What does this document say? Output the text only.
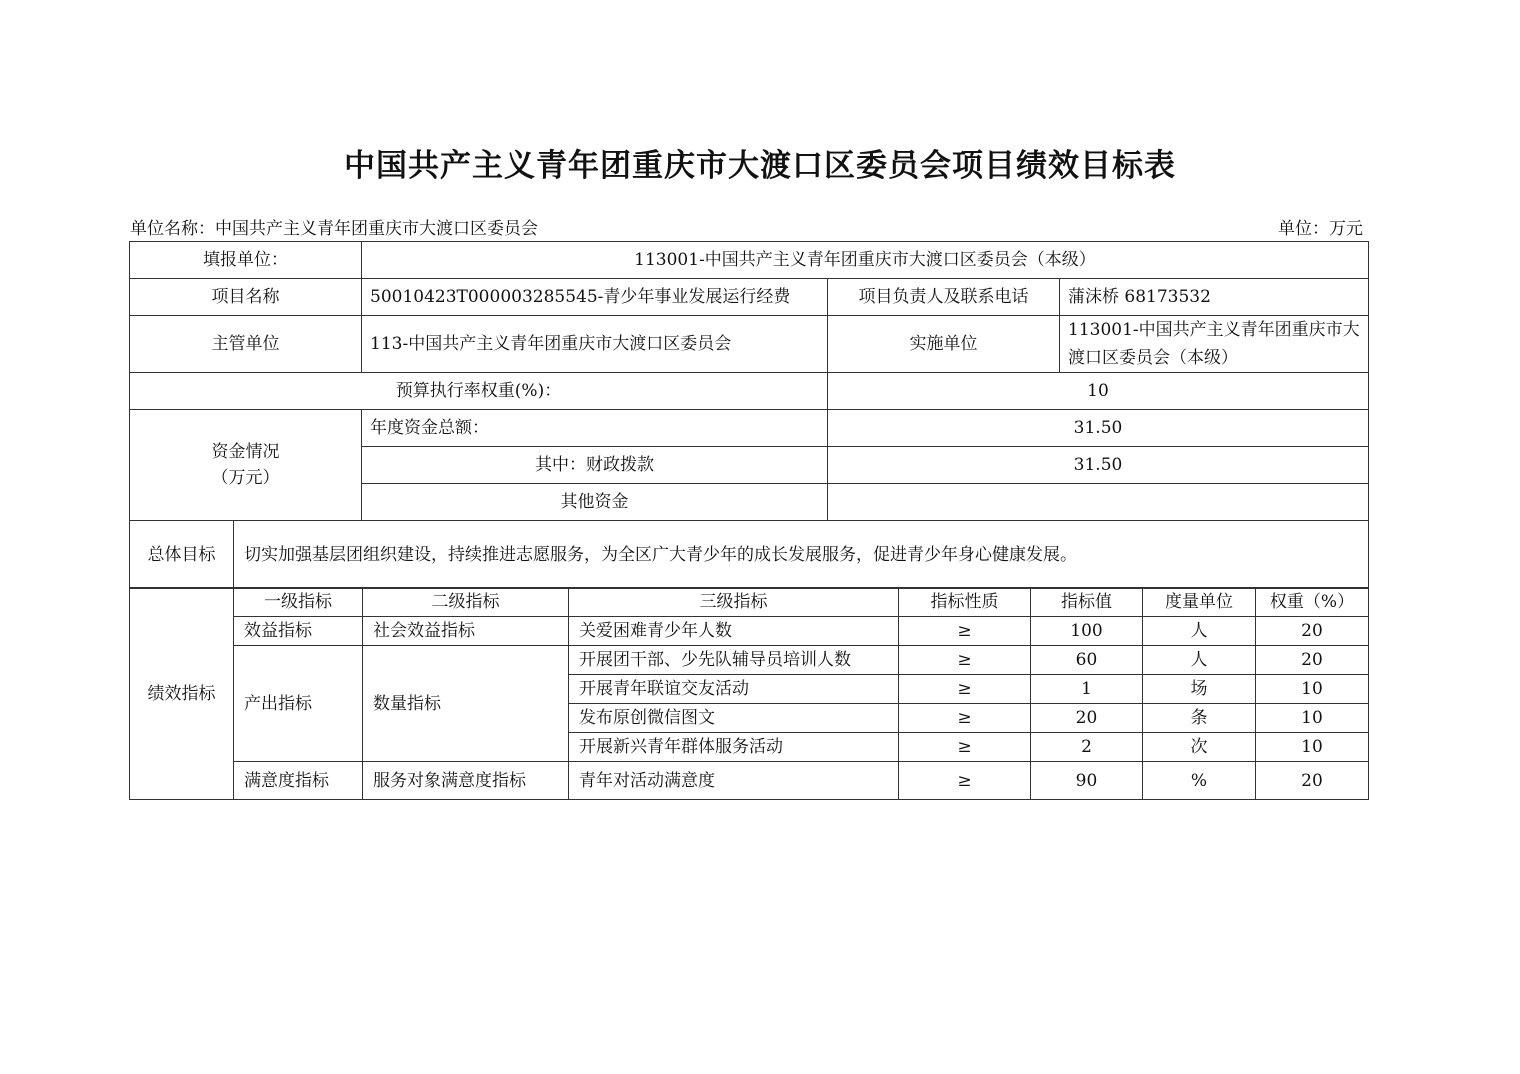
中国共产主义青年团重庆市大渡口区委员会项目绩效目标表
单位名称：中国共产主义青年团重庆市大渡口区委员会	单位：万元
填报单位：	113001-中国共产主义青年团重庆市大渡口区委员会（本级）		
项目名称	50010423T000003285545-青少年事业发展运行经费	项目负责人及联系电话	蒲沫桥 68173532
主管单位	113-中国共产主义青年团重庆市大渡口区委员会	实施单位	113001-中国共产主义青年团重庆市大渡口区委员会（本级）
预算执行率权重(%)：		10	

资金情况
（万元）	年度资金总额：	31.50	
	其中：财政拨款	31.50	
	其他资金		
总体目标	切实加强基层团组织建设，持续推进志愿服务，为全区广大青少年的成长发展服务，促进青少年身心健康发展。
绩效指标	一级指标	二级指标	三级指标	指标性质	指标值	度量单位	权重（%）
	效益指标	社会效益指标	关爱困难青少年人数	≥	100	人	20
	产出指标	数量指标	开展团干部、少先队辅导员培训人数	≥	60	人	20
			开展青年联谊交友活动	≥	1	场	10
			发布原创微信图文	≥	20	条	10
			开展新兴青年群体服务活动	≥	2	次	10
	满意度指标	服务对象满意度指标	青年对活动满意度	≥	90	%	20
